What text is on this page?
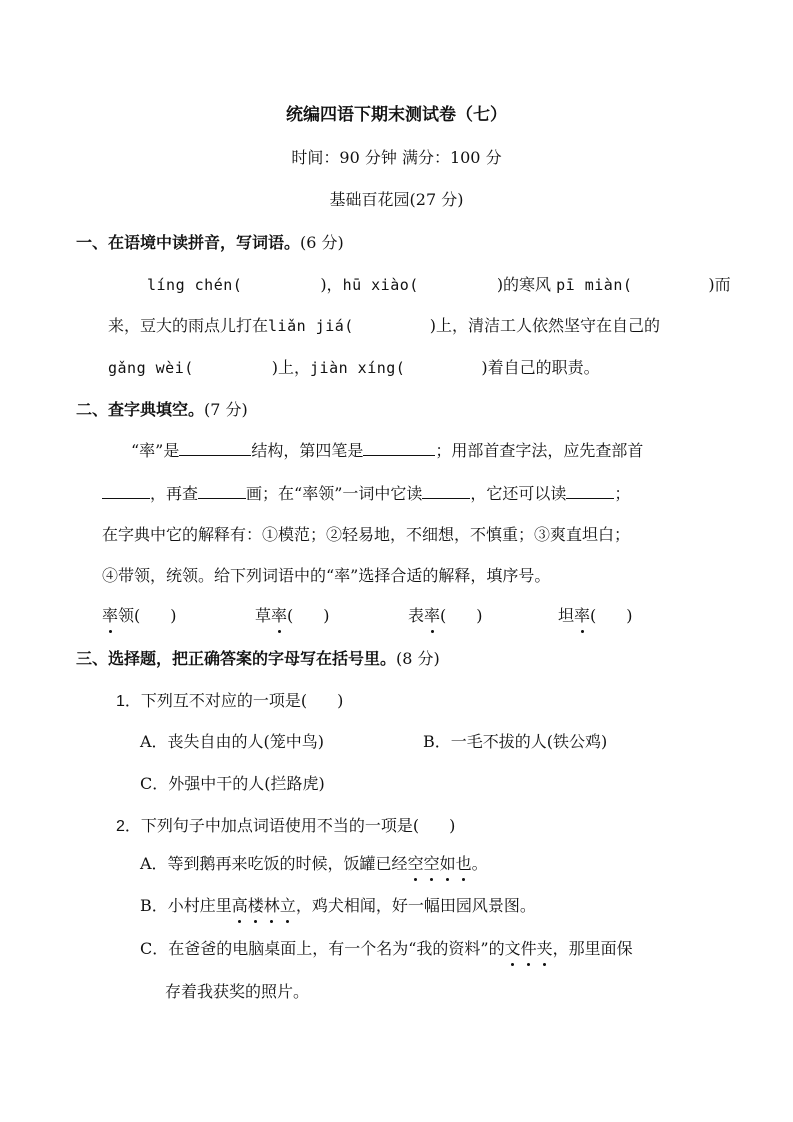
统编四语下期末测试卷（七）
时间：90 分钟 满分：100 分
基础百花园(27 分)
一、在语境中读拼音，写词语。(6 分)
líng chén(	)，hū xiào(	)的寒风 pī miàn(	)而
来，豆大的雨点儿打在liǎn jiá(	)上，清洁工人依然坚守在自己的
gǎng wèi(	)上，jiàn xíng(	)着自己的职责。
二、查字典填空。(7 分)
“率”是	结构，第四笔是	；用部首查字法，应先查部首
，再查	画；在“率领”一词中它读	，它还可以读	；
在字典中它的解释有：①模范；②轻易地，不细想，不慎重；③爽直坦白；
④带领，统领。给下列词语中的“率”选择合适的解释，填序号。
率领( )	草率( )	表率( )	坦率( )
三、选择题，把正确答案的字母写在括号里。(8 分)
1．下列互不对应的一项是( )
A．丧失自由的人(笼中鸟)	B．一毛不拔的人(铁公鸡)
C．外强中干的人(拦路虎)
2．下列句子中加点词语使用不当的一项是( )
A．等到鹅再来吃饭的时候，饭罐已经空空如也。
B．小村庄里高楼林立，鸡犬相闻，好一幅田园风景图。
C．在爸爸的电脑桌面上，有一个名为“我的资料”的文件夹，那里面保
存着我获奖的照片。
